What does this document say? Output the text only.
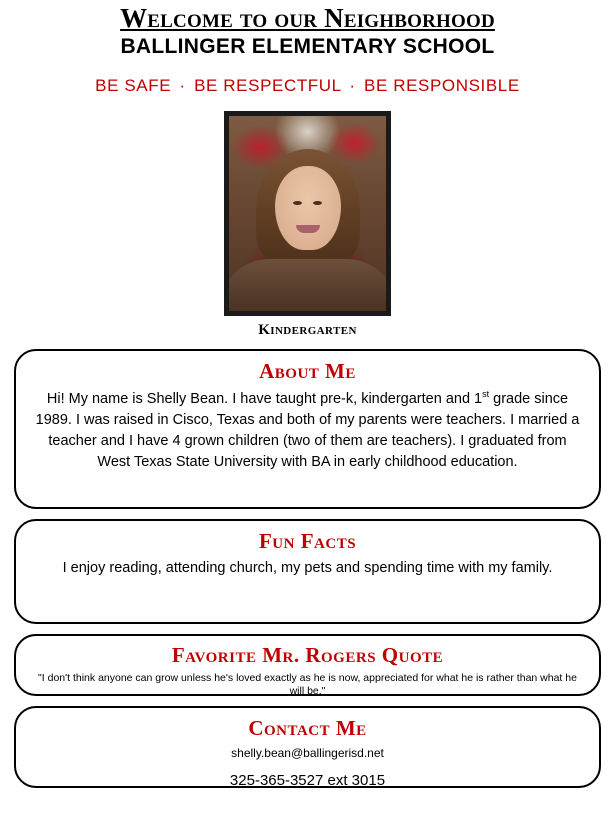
Welcome to our Neighborhood
BALLINGER ELEMENTARY SCHOOL
BE SAFE · BE RESPECTFUL · BE RESPONSIBLE
Kindergarten
About Me
Hi! My name is Shelly Bean. I have taught pre-k, kindergarten and 1st grade since 1989. I was raised in Cisco, Texas and both of my parents were teachers. I married a teacher and I have 4 grown children (two of them are teachers). I graduated from West Texas State University with BA in early childhood education.
Fun Facts
I enjoy reading, attending church, my pets and spending time with my family.
Favorite Mr. Rogers Quote
"I don't think anyone can grow unless he's loved exactly as he is now, appreciated for what he is rather than what he will be."
Contact Me
shelly.bean@ballingerisd.net
325-365-3527 ext 3015
